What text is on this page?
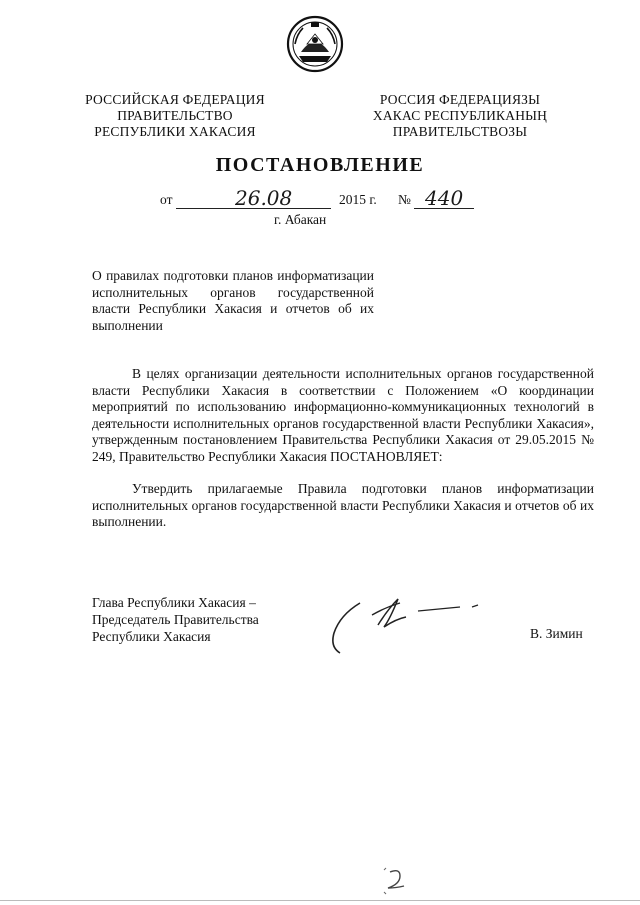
РОССИЙСКАЯ ФЕДЕРАЦИЯ
ПРАВИТЕЛЬСТВО
РЕСПУБЛИКИ ХАКАСИЯ
РОССИЯ ФЕДЕРАЦИЯЗЫ
ХАКАС РЕСПУБЛИКАНЫҢ
ПРАВИТЕЛЬСТВОЗЫ
ПОСТАНОВЛЕНИЕ
от	26.08	2015 г. № 440
г. Абакан
О правилах подготовки планов информатизации исполнительных органов государственной власти Республики Хакасия и отчетов об их выполнении
В целях организации деятельности исполнительных органов государственной власти Республики Хакасия в соответствии с Положением «О координации мероприятий по использованию информационно-коммуникационных технологий в деятельности исполнительных органов государственной власти Республики Хакасия», утвержденным постановлением Правительства Республики Хакасия от 29.05.2015 № 249, Правительство Республики Хакасия ПОСТАНОВЛЯЕТ:
Утвердить прилагаемые Правила подготовки планов информатизации исполнительных органов государственной власти Республики Хакасия и отчетов об их выполнении.
Глава Республики Хакасия –
Председатель Правительства
Республики Хакасия	В. Зимин
